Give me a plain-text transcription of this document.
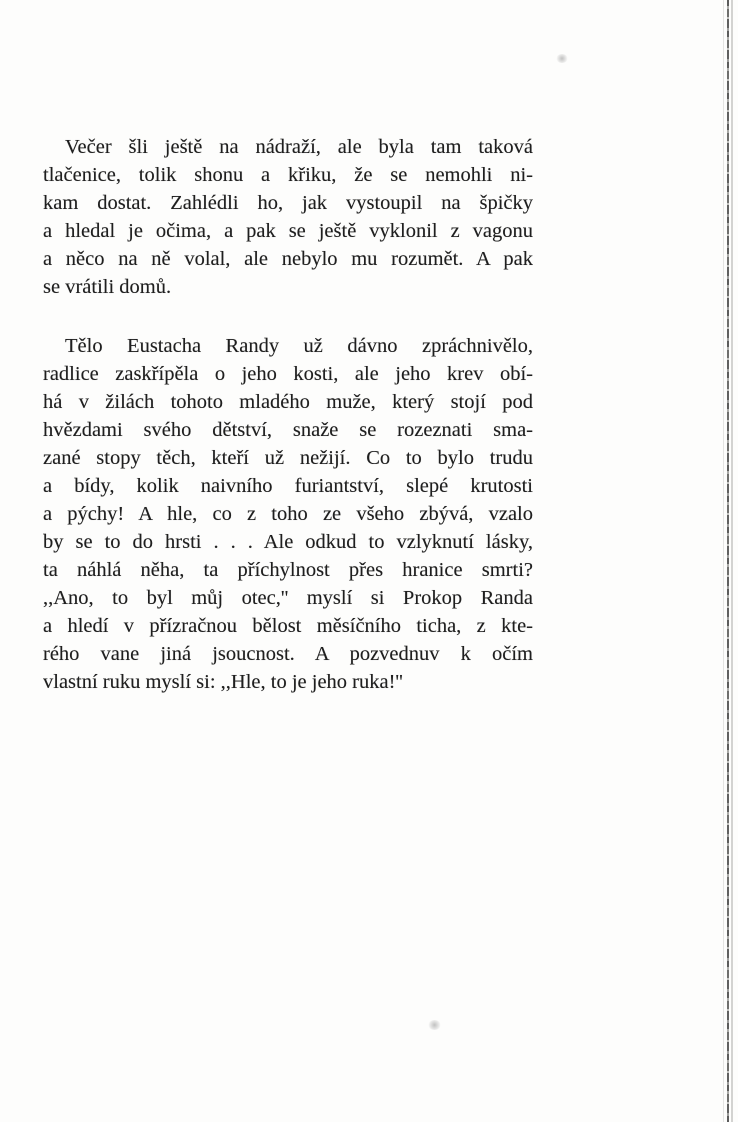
Večer šli ještě na nádraží, ale byla tam taková
tlačenice, tolik shonu a křiku, že se nemohli ni-
kam dostat. Zahlédli ho, jak vystoupil na špičky
a hledal je očima, a pak se ještě vyklonil z vagonu
a něco na ně volal, ale nebylo mu rozumět. A pak
se vrátili domů.
Tělo Eustacha Randy už dávno zpráchnivělo,
radlice zaskřípěla o jeho kosti, ale jeho krev obí-
há v žilách tohoto mladého muže, který stojí pod
hvězdami svého dětství, snaže se rozeznati sma-
zané stopy těch, kteří už nežijí. Co to bylo trudu
a bídy, kolik naivního furiantství, slepé krutosti
a pýchy! A hle, co z toho ze všeho zbývá, vzalo
by se to do hrsti . . . Ale odkud to vzlyknutí lásky,
ta náhlá něha, ta příchylnost přes hranice smrti?
,,Ano, to byl můj otec,'' myslí si Prokop Randa
a hledí v přízračnou bělost měsíčního ticha, z kte-
rého vane jiná jsoucnost. A pozvednuv k očím
vlastní ruku myslí si: ,,Hle, to je jeho ruka!''
